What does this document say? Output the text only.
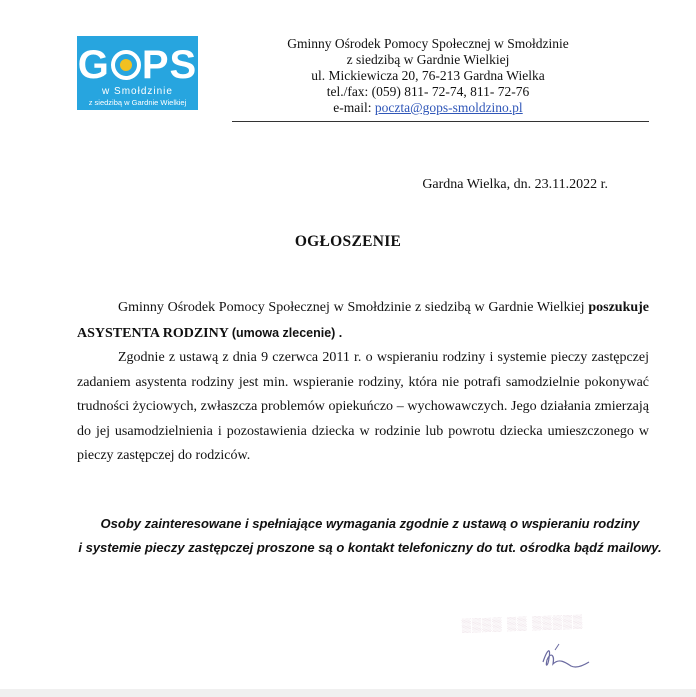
G PS
w Smołdzinie
z siedzibą w Gardnie Wielkiej
Gminny Ośrodek Pomocy Społecznej w Smołdzinie
z siedzibą w Gardnie Wielkiej
ul. Mickiewicza 20, 76-213 Gardna Wielka
tel./fax: (059) 811- 72-74, 811- 72-76
e-mail: poczta@gops-smoldzino.pl
Gardna Wielka, dn. 23.11.2022 r.
OGŁOSZENIE

Gminny Ośrodek Pomocy Społecznej w Smołdzinie z siedzibą w Gardnie Wielkiej poszukuje ASYSTENTA RODZINY (umowa zlecenie) .

Zgodnie z ustawą z dnia 9 czerwca 2011 r. o wspieraniu rodziny i systemie pieczy zastępczej zadaniem asystenta rodziny jest min. wspieranie rodziny, która nie potrafi samodzielnie pokonywać trudności życiowych, zwłaszcza problemów opiekuńczo – wychowawczych. Jego działania zmierzają do jej usamodzielnienia i pozostawienia dziecka w rodzinie lub powrotu dziecka umieszczonego w pieczy zastępczej do rodziców.

Osoby zainteresowane i spełniające wymagania zgodnie z ustawą o wspieraniu rodziny
i systemie pieczy zastępczej proszone są o kontakt telefoniczny do tut. ośrodka bądź mailowy.
▒▒▒▒ ▒▒ ▒▒▒▒▒
